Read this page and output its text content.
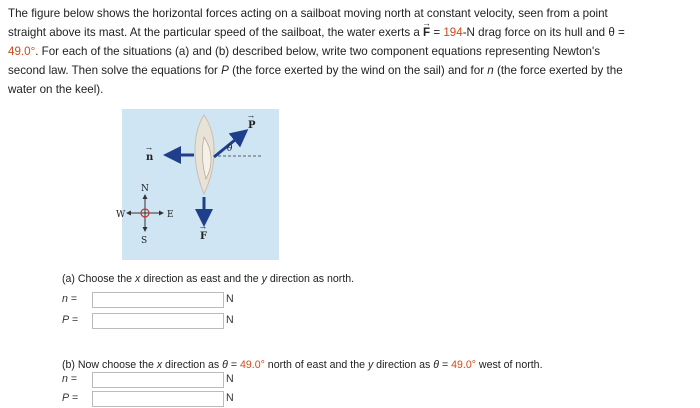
The figure below shows the horizontal forces acting on a sailboat moving north at constant velocity, seen from a point
straight above its mast. At the particular speed of the sailboat, the water exerts a → F = 194-N drag force on its hull and θ =
49.0°. For each of the situations (a) and (b) described below, write two component equations representing Newton's
second law. Then solve the equations for P (the force exerted by the wind on the sail) and for n (the force exerted by the
water on the keel).
P
→
θ
n
→
F
→
N
S
E
W
(a) Choose the x direction as east and the y direction as north.
n =	N
P =	N
(b) Now choose the x direction as θ = 49.0° north of east and the y direction as θ = 49.0° west of north.
n =	N
P =	N
